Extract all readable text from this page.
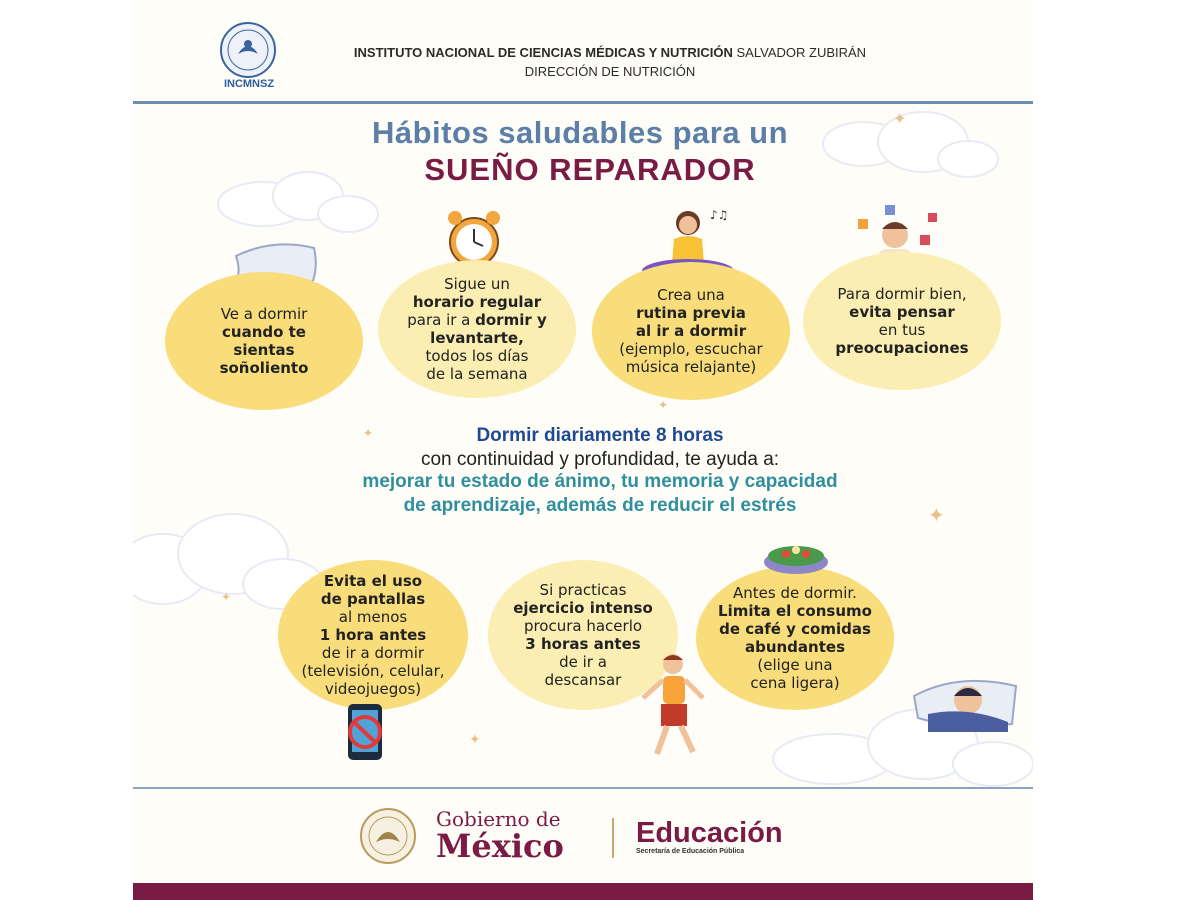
INCMNSZ
INSTITUTO NACIONAL DE CIENCIAS MÉDICAS Y NUTRICIÓN SALVADOR ZUBIRÁN
DIRECCIÓN DE NUTRICIÓN
✦
✦
✦
✦
✦
✦
Hábitos saludables para un
SUEÑO REPARADOR
♪♫
Ve a dormir
cuando te
sientas
soñoliento
Sigue un
horario regular
para ir a dormir y
levantarte,
todos los días
de la semana
Crea una
rutina previa
al ir a dormir
(ejemplo, escuchar
música relajante)
Para dormir bien,
evita pensar
en tus
preocupaciones
Dormir diariamente 8 horas
con continuidad y profundidad, te ayuda a:
mejorar tu estado de ánimo, tu memoria y capacidad
de aprendizaje, además de reducir el estrés
Evita el uso
de pantallas
al menos
1 hora antes
de ir a dormir
(televisión, celular,
videojuegos)
Si practicas
ejercicio intenso
procura hacerlo
3 horas antes
de ir a
descansar
Antes de dormir.
Limita el consumo
de café y comidas
abundantes
(elige una
cena ligera)
Gobierno de
México Educación
Secretaría de Educación Pública
